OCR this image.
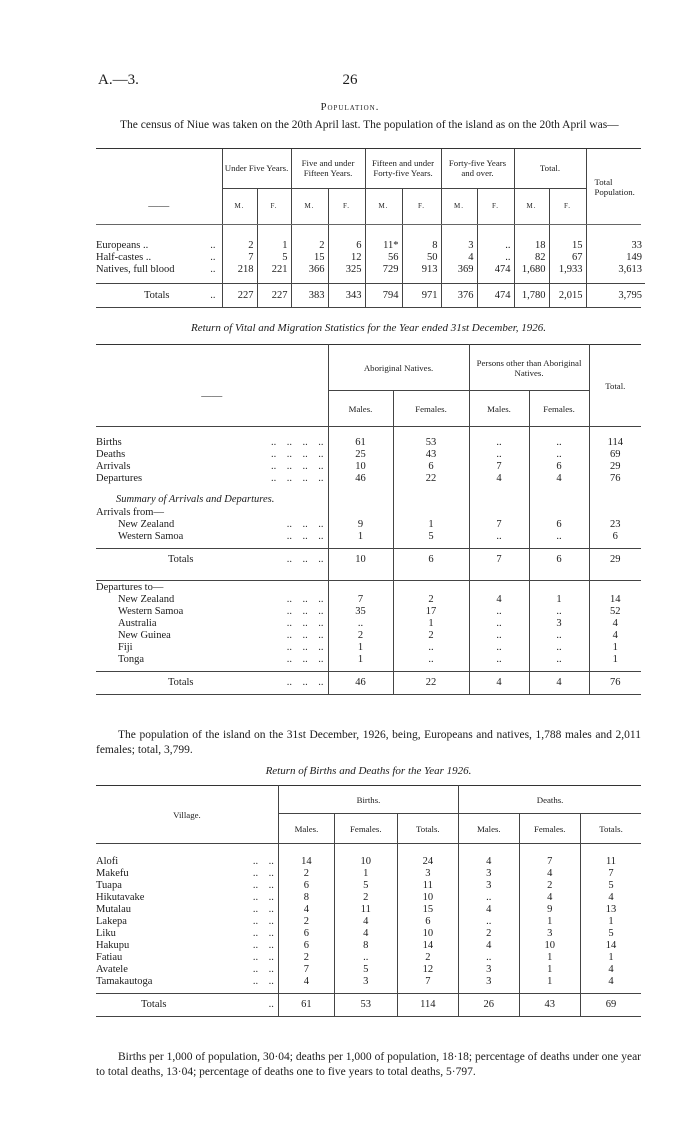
A.—3.	26
Population.

The census of Niue was taken on the 20th April last. The population of the island as on the 20th April was—

	Under Five Years.		Five and under Fifteen Years.		Fifteen and under Forty-five Years.		Forty-five Years and over.		Total.		Total Population.
——	M.	F.	M.	F.	M.	F.	M.	F.	M.	F.	

Europeans .. ..	2	1	2	6	11*	8	3	..	18	15	33
Half-castes .. ..	7	5	15	12	56	50	4	..	82	67	149
Natives, full blood ..	218	221	366	325	729	913	369	474	1,680	1,933	3,613

Totals ..	227	227	383	343	794	971	376	474	1,780	2,015	3,795
Return of Vital and Migration Statistics for the Year ended 31st December, 1926.
	Aboriginal Natives.		Persons other than Aboriginal Natives.		Total.
——	Males.	Females.	Males.	Females.	

Births ..    ..    ..    ..	61	53	..	..	114
Deaths ..    ..    ..    ..	25	43	..	..	69
Arrivals ..    ..    ..    ..	10	6	7	6	29
Departures ..    ..    ..    ..	46	22	4	4	76

Summary of Arrivals and Departures.					
Arrivals from—					
New Zealand ..    ..    ..	9	1	7	6	23
Western Samoa ..    ..    ..	1	5	..	..	6

Totals ..    ..    ..	10	6	7	6	29

Departures to—					
New Zealand ..    ..    ..	7	2	4	1	14
Western Samoa ..    ..    ..	35	17	..	..	52
Australia ..    ..    ..	..	1	..	3	4
New Guinea ..    ..    ..	2	2	..	..	4
Fiji ..    ..    ..	1	..	..	..	1
Tonga ..    ..    ..	1	..	..	..	1

Totals ..    ..    ..	46	22	4	4	76

The population of the island on the 31st December, 1926, being, Europeans and natives, 1,788 males and 2,011 females; total, 3,799.

Return of Births and Deaths for the Year 1926.
Village.	Births.			Deaths.		
	Males.	Females.	Totals.	Males.	Females.	Totals.

Alofi ..    ..	14	10	24	4	7	11
Makefu ..    ..	2	1	3	3	4	7
Tuapa ..    ..	6	5	11	3	2	5
Hikutavake ..    ..	8	2	10	..	4	4
Mutalau ..    ..	4	11	15	4	9	13
Lakepa ..    ..	2	4	6	..	1	1
Liku ..    ..	6	4	10	2	3	5
Hakupu ..    ..	6	8	14	4	10	14
Fatiau ..    ..	2	..	2	..	1	1
Avatele ..    ..	7	5	12	3	1	4
Tamakautoga ..    ..	4	3	7	3	1	4

Totals ..	61	53	114	26	43	69

Births per 1,000 of population, 30·04; deaths per 1,000 of population, 18·18; percentage of deaths under one year to total deaths, 13·04; percentage of deaths one to five years to total deaths, 5·797.
